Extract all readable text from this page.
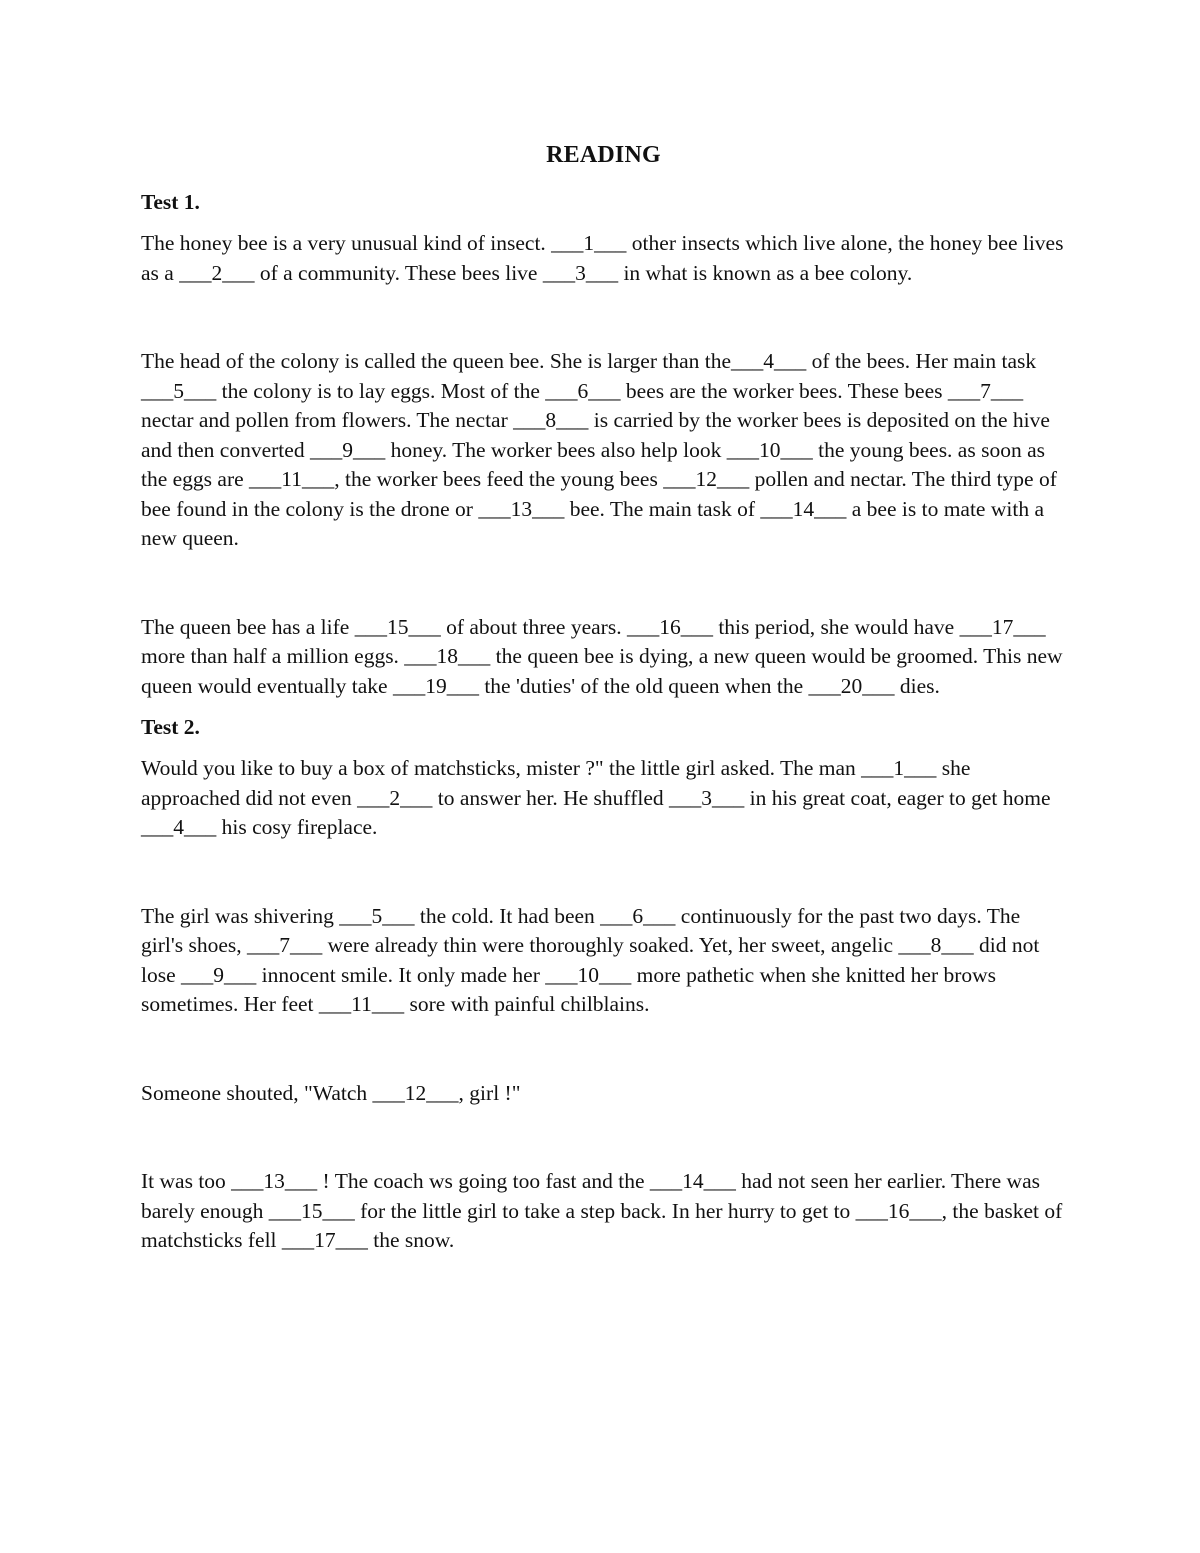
READING
Test 1.

The honey bee is a very unusual kind of insect. ___1___ other insects which live alone, the honey bee lives as a ___2___ of a community. These bees live ___3___ in what is known as a bee colony.

The head of the colony is called the queen bee. She is larger than the___4___ of the bees. Her main task ___5___ the colony is to lay eggs. Most of the ___6___ bees are the worker bees. These bees ___7___ nectar and pollen from flowers. The nectar ___8___ is carried by the worker bees is deposited on the hive and then converted ___9___ honey. The worker bees also help look ___10___ the young bees. as soon as the eggs are ___11___, the worker bees feed the young bees ___12___ pollen and nectar. The third type of bee found in the colony is the drone or ___13___ bee. The main task of ___14___ a bee is to mate with a new queen.

The queen bee has a life ___15___ of about three years. ___16___ this period, she would have ___17___ more than half a million eggs. ___18___ the queen bee is dying, a new queen would be groomed. This new queen would eventually take ___19___ the 'duties' of the old queen when the ___20___ dies.

Test 2.

Would you like to buy a box of matchsticks, mister ?" the little girl asked. The man ___1___ she approached did not even ___2___ to answer her. He shuffled ___3___ in his great coat, eager to get home ___4___ his cosy fireplace.

The girl was shivering ___5___ the cold. It had been ___6___ continuously for the past two days. The girl's shoes, ___7___ were already thin were thoroughly soaked. Yet, her sweet, angelic ___8___ did not lose ___9___ innocent smile. It only made her ___10___ more pathetic when she knitted her brows sometimes. Her feet ___11___ sore with painful chilblains.

Someone shouted, "Watch ___12___, girl !"

It was too ___13___ ! The coach ws going too fast and the ___14___ had not seen her earlier. There was barely enough ___15___ for the little girl to take a step back. In her hurry to get to ___16___, the basket of matchsticks fell ___17___ the snow.
